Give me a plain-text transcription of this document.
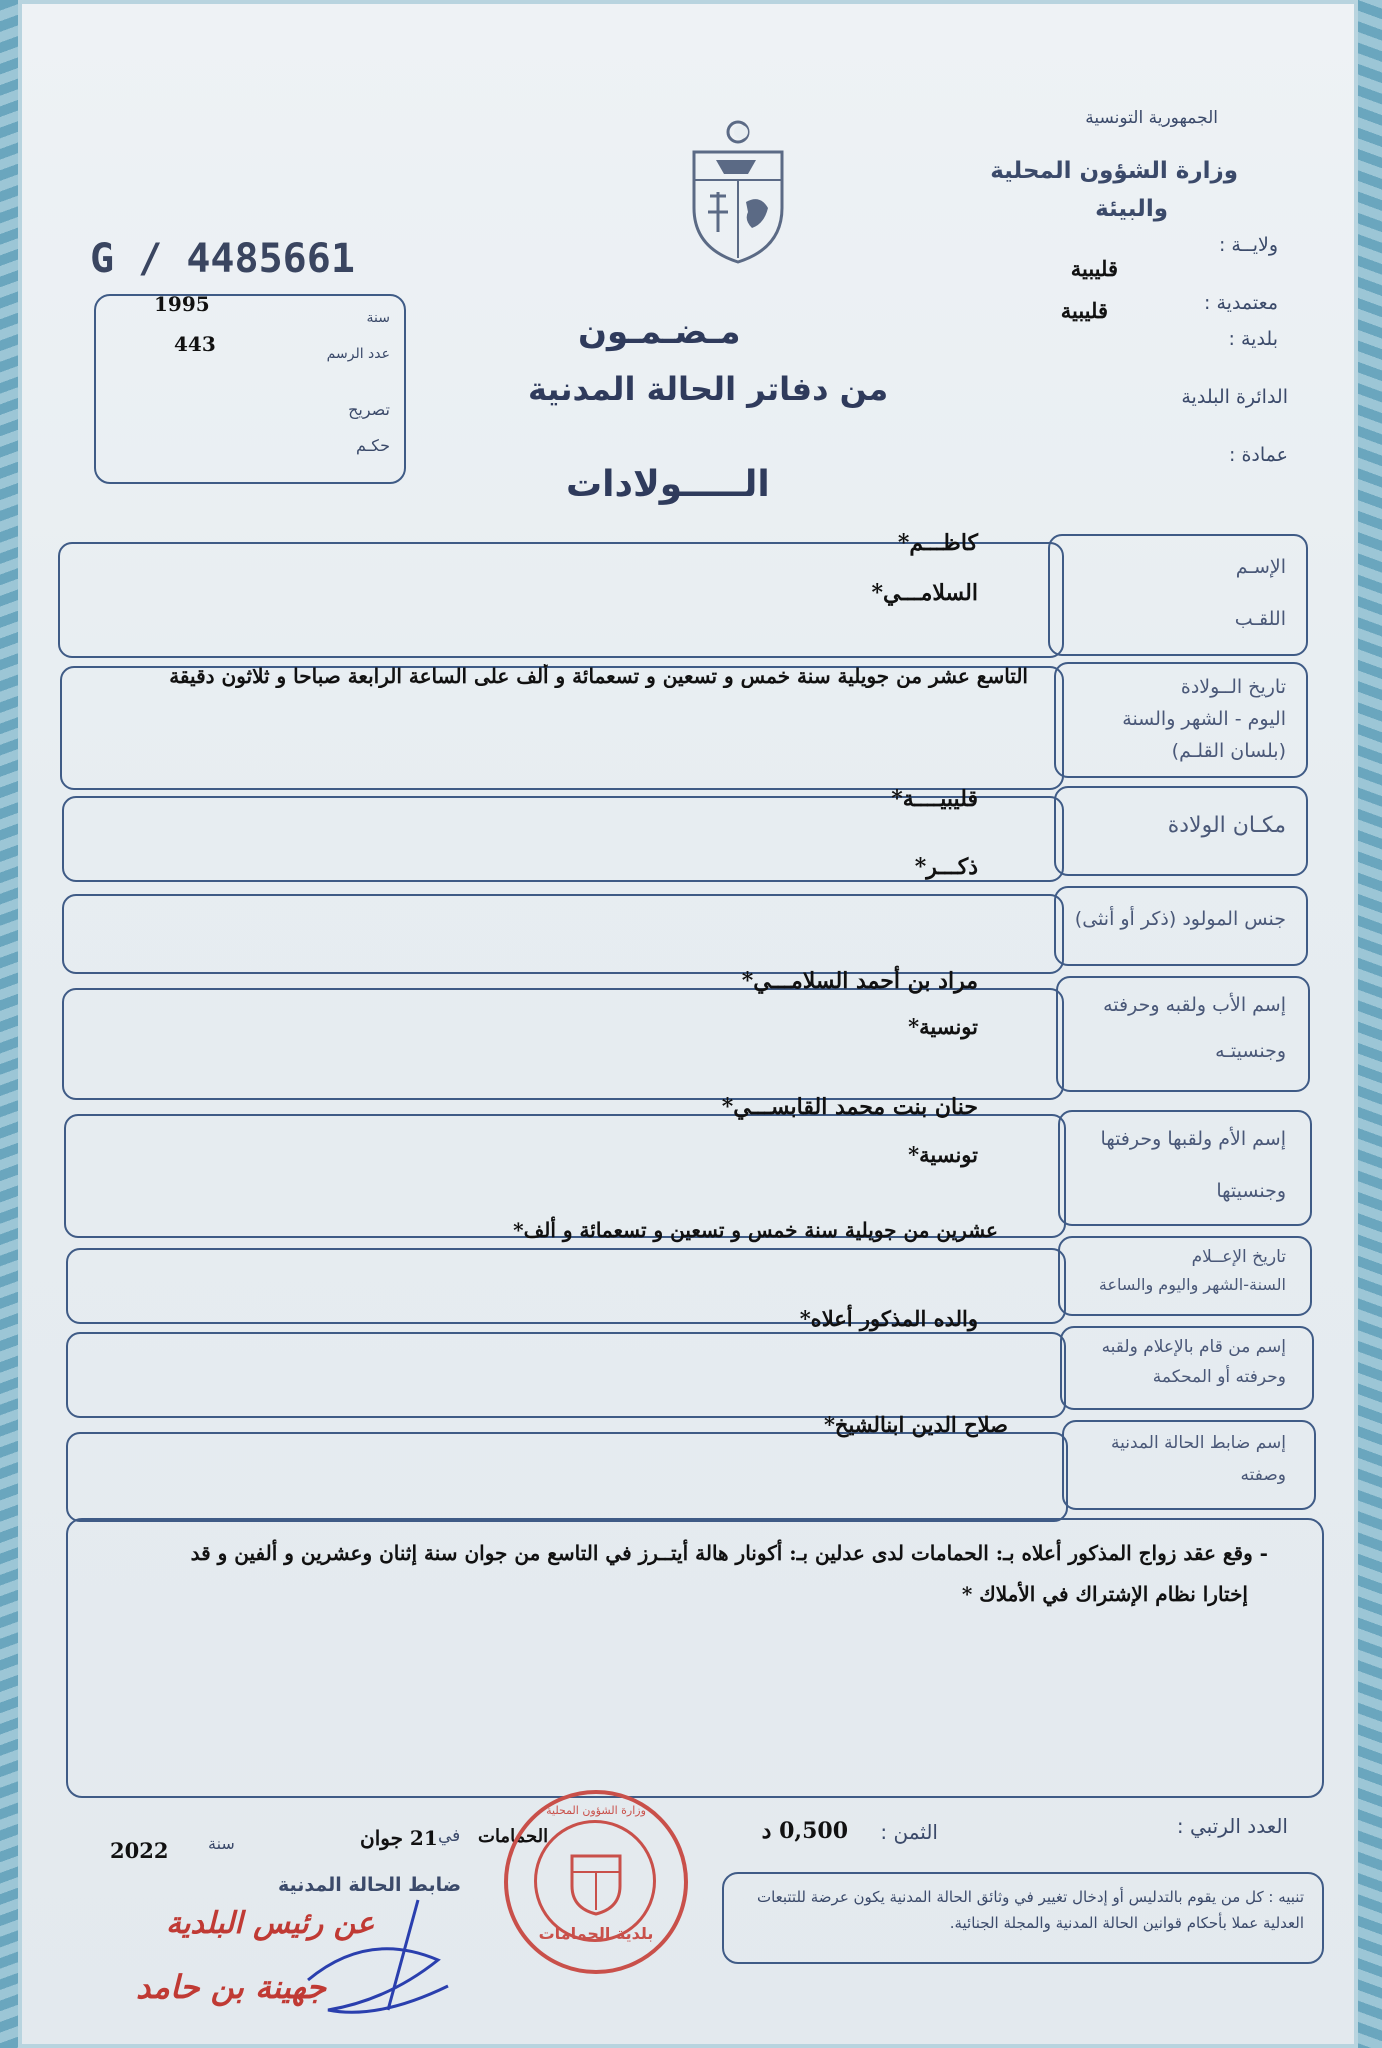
الجمهورية التونسية
وزارة الشؤون المحلية
والبيئة
ولايــة :
قليبية
معتمدية :
قليبية
بلدية :
الدائرة البلدية
عمادة :
G / 4485661
سنة
1995
عدد الرسم
443
تصريح
حكـم
مـضـمـون
من دفاتر الحالة المدنية
الـــــولادات
الإسـم
اللقـب
كاظـــم*
السلامـــي*
تاريخ الــولادة
اليوم - الشهر والسنة
(بلسان القلـم)
التاسع عشر من جويلية سنة خمس و تسعين و تسعمائة و ألف على الساعة الرابعة صباحا و ثلاثون دقيقة
مكـان الولادة
قليبيــــة*
جنس المولود (ذكر أو أنثى)
ذكـــر*
إسم الأب ولقبه وحرفته
وجنسيتـه
مراد بن أحمد السلامـــي*
تونسية*
إسم الأم ولقبها وحرفتها
وجنسيتها
حنان بنت محمد القابســـي*
تونسية*
تاريخ الإعــلام
السنة-الشهر واليوم والساعة
عشرين من جويلية سنة خمس و تسعين و تسعمائة و ألف*
إسم من قام بالإعلام ولقبه
وحرفته أو المحكمة
والده المذكور أعلاه*
إسم ضابط الحالة المدنية
وصفته
صلاح الدين ابنالشيخ*
- وقع عقد زواج المذكور أعلاه بـ: الحمامات لدى عدلين بـ: أكونار هالة أيتــرز في التاسع من جوان سنة إثنان وعشرين و ألفين و قد
إختارا نظام الإشتراك في الأملاك *
العدد الرتبي :
الثمن :
0,500 د
الحمامات
في
21 جوان
سنة
2022
ضابط الحالة المدنية
تنبيه : كل من يقوم بالتدليس أو إدخال تغيير في وثائق الحالة المدنية يكون عرضة للتتبعات العدلية عملا بأحكام قوانين الحالة المدنية والمجلة الجنائية.
بلدية الحمامات
وزارة الشؤون المحلية
عن رئيس البلدية
جهينة بن حامد
